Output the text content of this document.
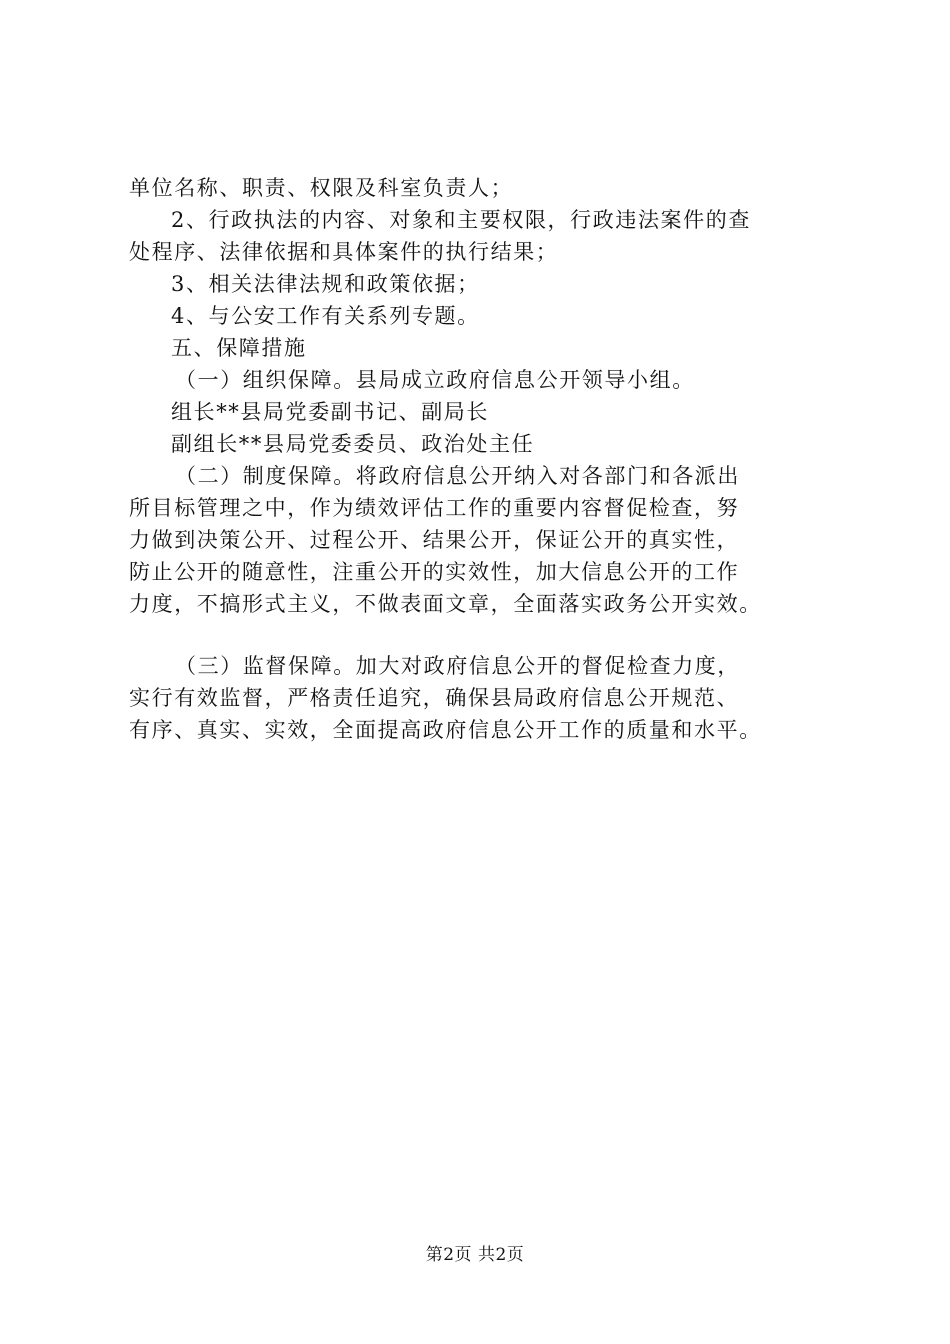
单位名称、职责、权限及科室负责人；
2、行政执法的内容、对象和主要权限，行政违法案件的查
处程序、法律依据和具体案件的执行结果；
3、相关法律法规和政策依据；
4、与公安工作有关系列专题。
五、保障措施
（一）组织保障。县局成立政府信息公开领导小组。
组长**县局党委副书记、副局长
副组长**县局党委委员、政治处主任
（二）制度保障。将政府信息公开纳入对各部门和各派出
所目标管理之中，作为绩效评估工作的重要内容督促检查，努
力做到决策公开、过程公开、结果公开，保证公开的真实性，
防止公开的随意性，注重公开的实效性，加大信息公开的工作
力度，不搞形式主义，不做表面文章，全面落实政务公开实效。
（三）监督保障。加大对政府信息公开的督促检查力度，
实行有效监督，严格责任追究，确保县局政府信息公开规范、
有序、真实、实效，全面提高政府信息公开工作的质量和水平。
第2页 共2页
